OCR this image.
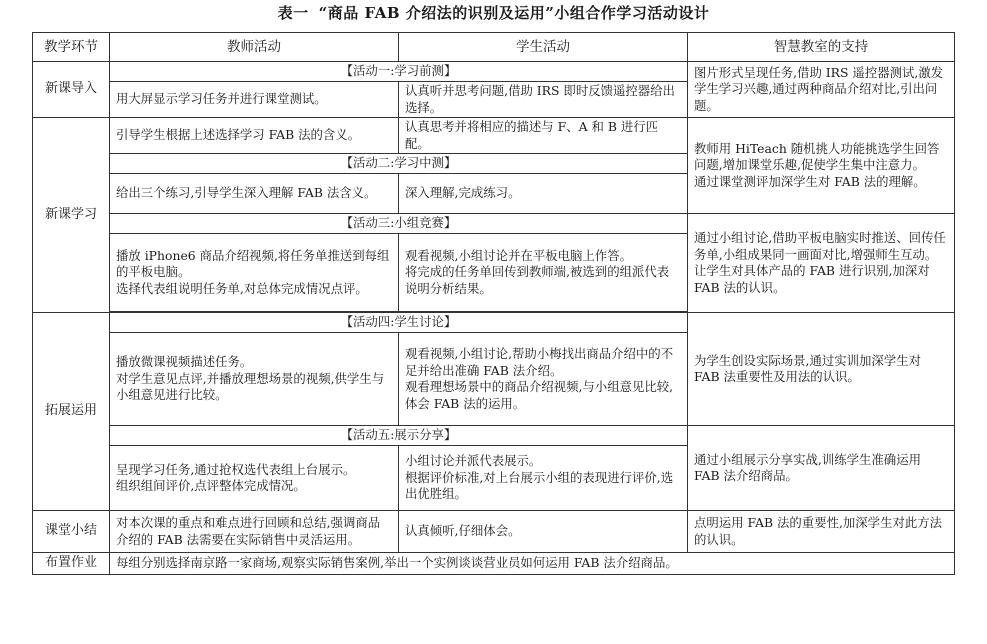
表一 “商品 FAB 介绍法的识别及运用”小组合作学习活动设计
教学环节	教师活动	学生活动	智慧教室的支持
新课导入	【活动一:学习前测】		图片形式呈现任务,借助 IRS 遥控器测试,激发学生学习兴趣,通过两种商品介绍对比,引出问题。
	用大屏显示学习任务并进行课堂测试。	认真听并思考问题,借助 IRS 即时反馈遥控器给出选择。	
新课学习	引导学生根据上述选择学习 FAB 法的含义。	认真思考并将相应的描述与 F、A 和 B 进行匹配。	教师用 HiTeach 随机挑人功能挑选学生回答问题,增加课堂乐趣,促使学生集中注意力。
通过课堂测评加深学生对 FAB 法的理解。

	【活动二:学习中测】		
	给出三个练习,引导学生深入理解 FAB 法含义。	深入理解,完成练习。	
	【活动三:小组竞赛】		通过小组讨论,借助平板电脑实时推送、回传任务单,小组成果同一画面对比,增强师生互动。让学生对具体产品的 FAB 进行识别,加深对 FAB 法的认识。

	播放 iPhone6 商品介绍视频,将任务单推送到每组的平板电脑。
选择代表组说明任务单,对总体完成情况点评。	观看视频,小组讨论并在平板电脑上作答。
将完成的任务单回传到教师端,被选到的组派代表说明分析结果。	

拓展运用	【活动四:学生讨论】		为学生创设实际场景,通过实训加深学生对 FAB 法重要性及用法的认识。

	播放微课视频描述任务。
对学生意见点评,并播放理想场景的视频,供学生与小组意见进行比较。	观看视频,小组讨论,帮助小梅找出商品介绍中的不足并给出准确 FAB 法介绍。
观看理想场景中的商品介绍视频,与小组意见比较,体会 FAB 法的运用。	

	【活动五:展示分享】		通过小组展示分享实战,训练学生准确运用 FAB 法介绍商品。

	呈现学习任务,通过抢权选代表组上台展示。
组织组间评价,点评整体完成情况。	小组讨论并派代表展示。
根据评价标准,对上台展示小组的表现进行评价,选出优胜组。	

课堂小结	对本次课的重点和难点进行回顾和总结,强调商品介绍的 FAB 法需要在实际销售中灵活运用。	认真倾听,仔细体会。	点明运用 FAB 法的重要性,加深学生对此方法的认识。
布置作业	每组分别选择南京路一家商场,观察实际销售案例,举出一个实例谈谈营业员如何运用 FAB 法介绍商品。		
